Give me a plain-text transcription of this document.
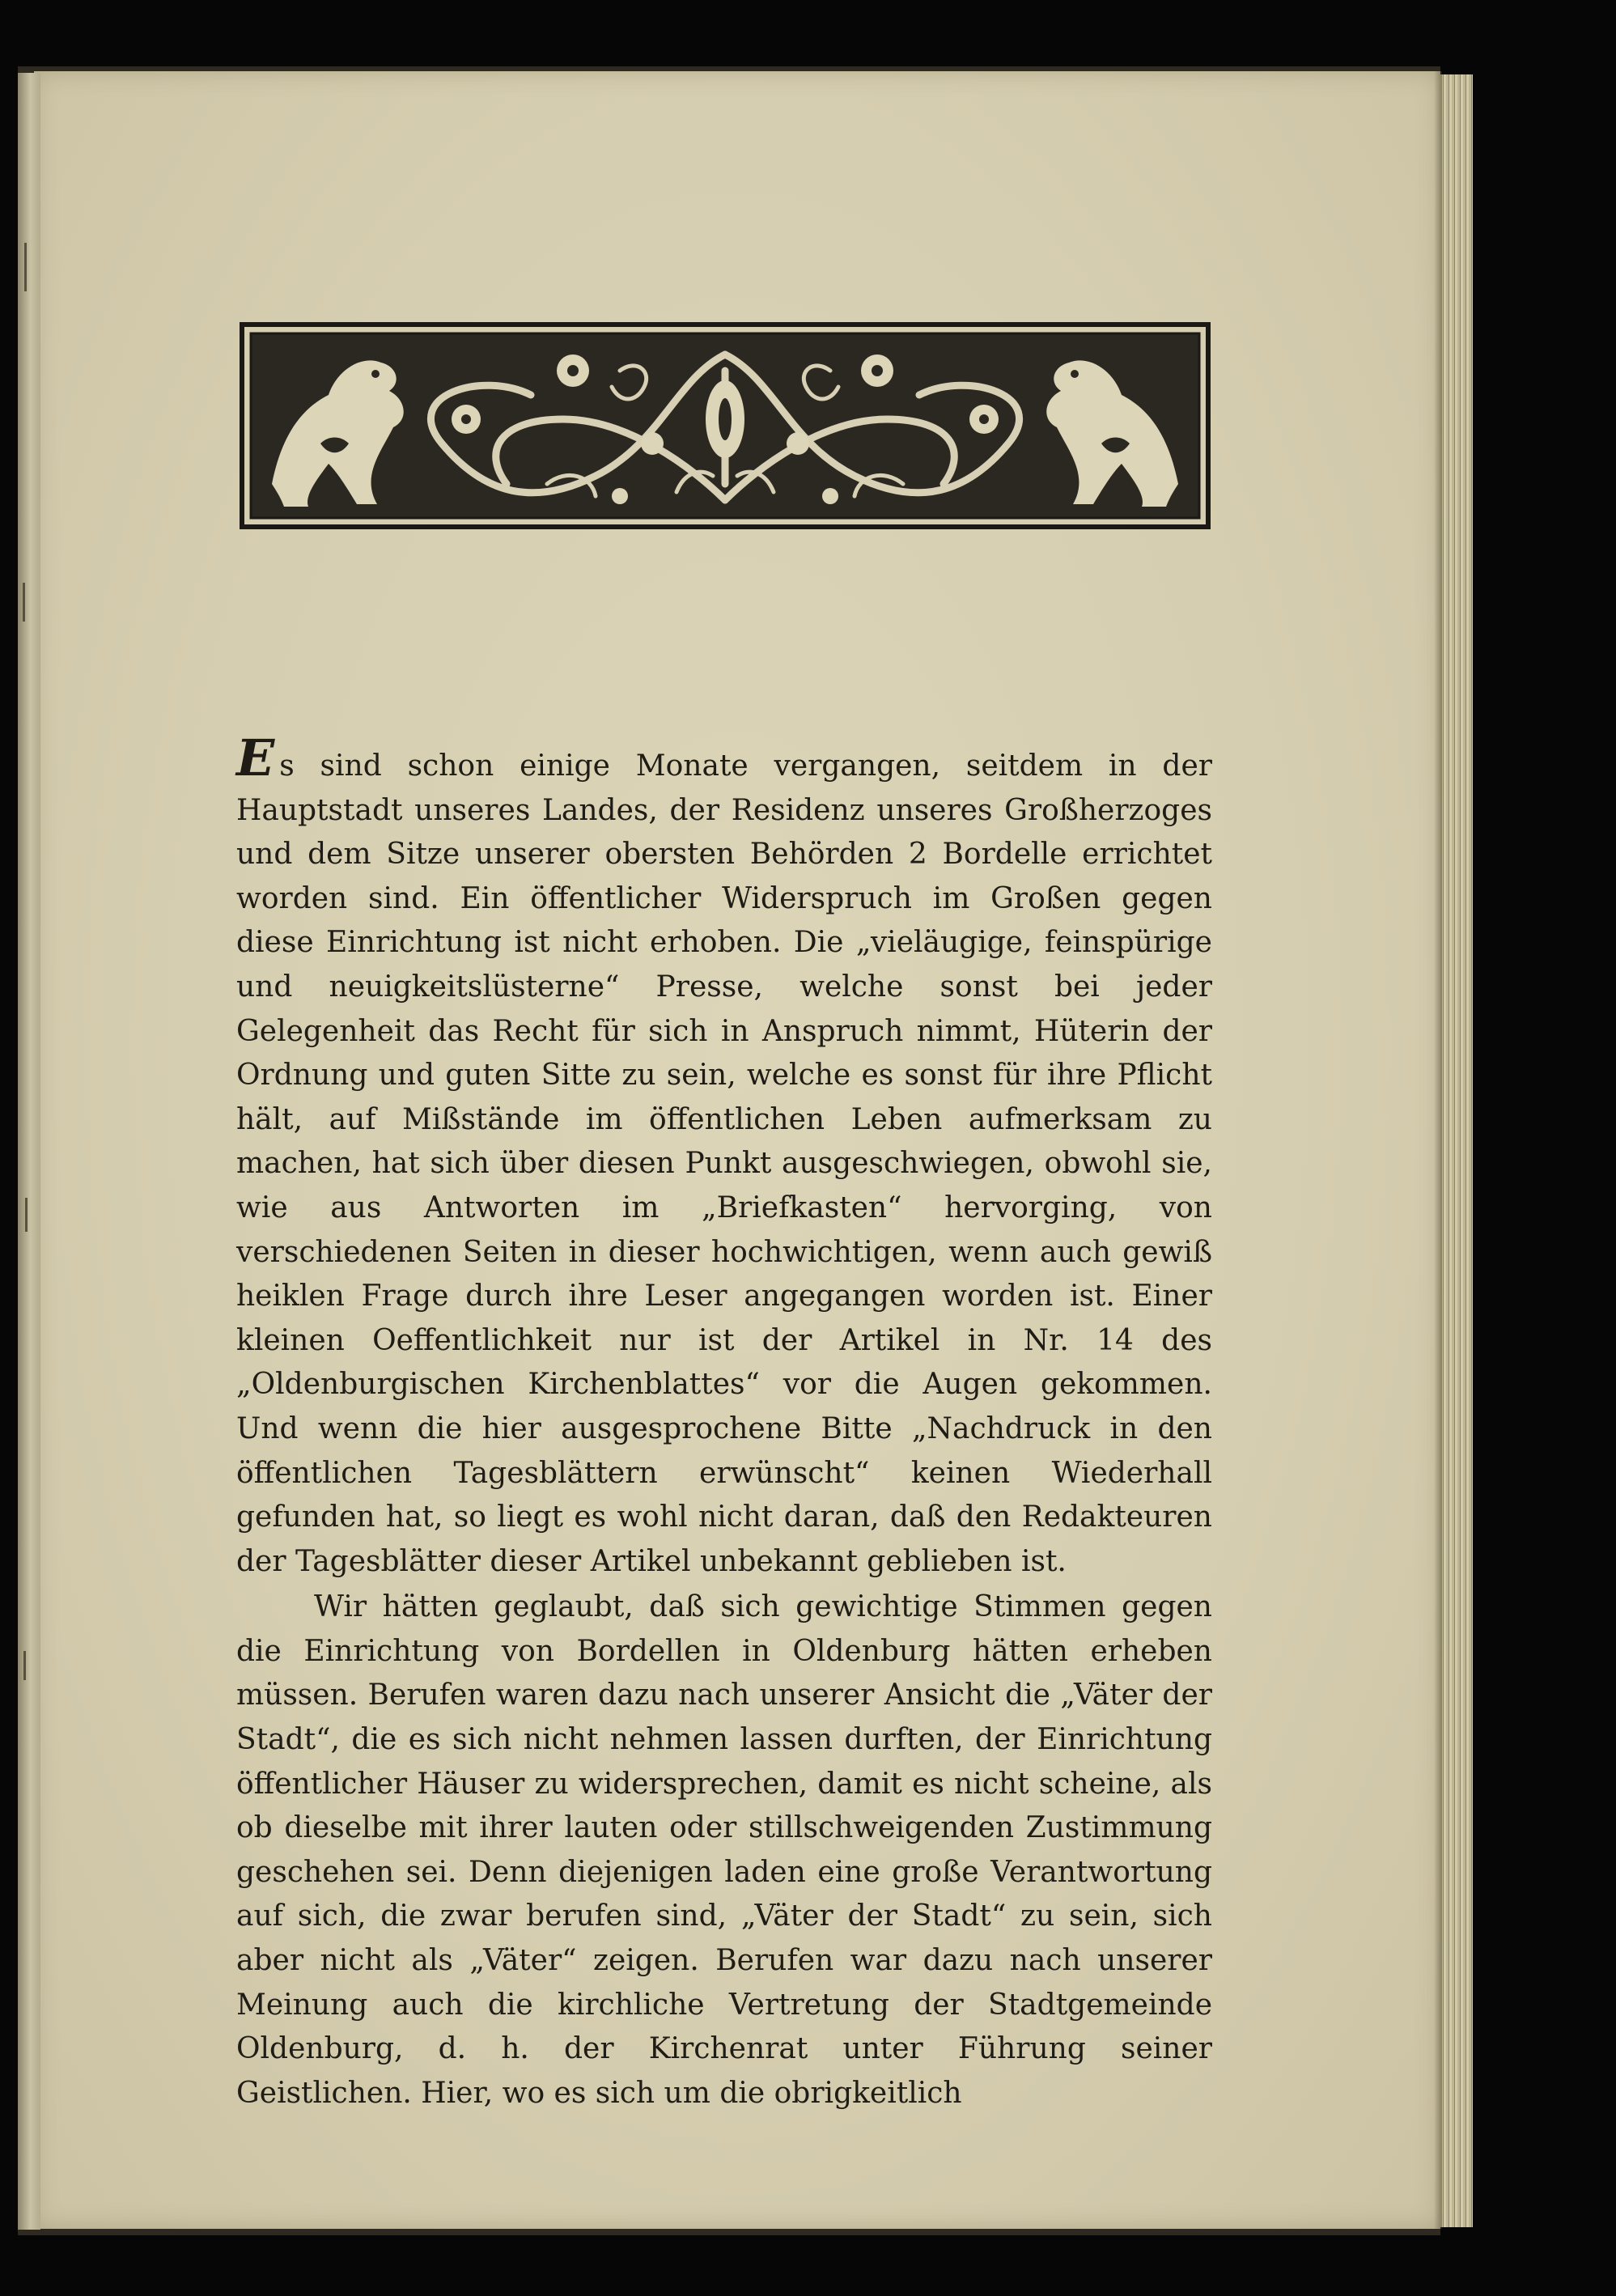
Es sind schon einige Monate vergangen, seitdem in der Hauptstadt unseres Landes, der Residenz unseres Großherzoges und dem Sitze unserer obersten Behörden 2 Bordelle errichtet worden sind. Ein öffentlicher Widerspruch im Großen gegen diese Einrichtung ist nicht erhoben. Die „vieläugige, feinspürige und neuigkeitslüsterne“ Presse, welche sonst bei jeder Gelegenheit das Recht für sich in Anspruch nimmt, Hüterin der Ordnung und guten Sitte zu sein, welche es sonst für ihre Pflicht hält, auf Mißstände im öffentlichen Leben aufmerksam zu machen, hat sich über diesen Punkt ausgeschwiegen, obwohl sie, wie aus Antworten im „Briefkasten“ hervorging, von verschiedenen Seiten in dieser hochwichtigen, wenn auch gewiß heiklen Frage durch ihre Leser angegangen worden ist. Einer kleinen Oeffentlichkeit nur ist der Artikel in Nr. 14 des „Oldenburgischen Kirchenblattes“ vor die Augen gekommen. Und wenn die hier ausgesprochene Bitte „Nachdruck in den öffentlichen Tagesblättern erwünscht“ keinen Wiederhall gefunden hat, so liegt es wohl nicht daran, daß den Redakteuren der Tagesblätter dieser Artikel unbekannt geblieben ist.

Wir hätten geglaubt, daß sich gewichtige Stimmen gegen die Einrichtung von Bordellen in Oldenburg hätten erheben müssen. Berufen waren dazu nach unserer Ansicht die „Väter der Stadt“, die es sich nicht nehmen lassen durften, der Einrichtung öffentlicher Häuser zu widersprechen, damit es nicht scheine, als ob dieselbe mit ihrer lauten oder stillschweigenden Zustimmung geschehen sei. Denn diejenigen laden eine große Verantwortung auf sich, die zwar berufen sind, „Väter der Stadt“ zu sein, sich aber nicht als „Väter“ zeigen. Berufen war dazu nach unserer Meinung auch die kirchliche Vertretung der Stadtgemeinde Oldenburg, d. h. der Kirchenrat unter Führung seiner Geistlichen. Hier, wo es sich um die obrigkeitlich
